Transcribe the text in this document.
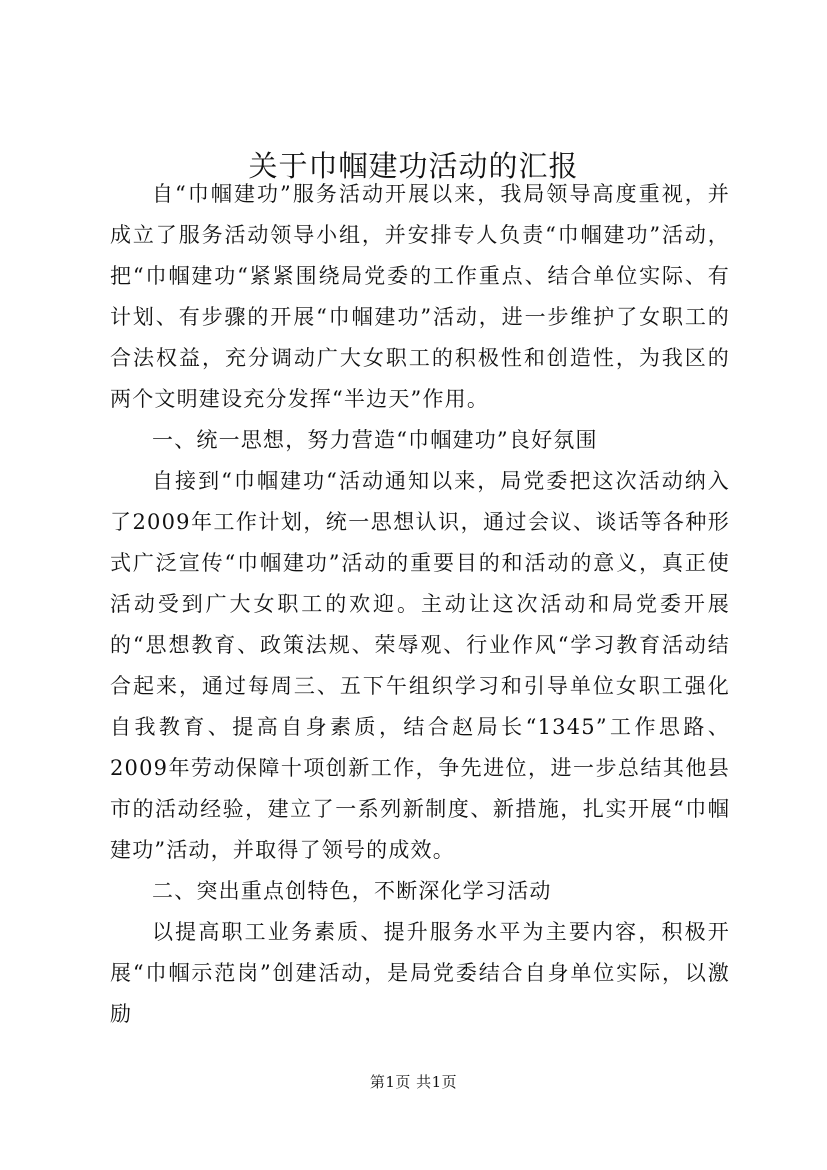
关于巾帼建功活动的汇报

自“巾帼建功”服务活动开展以来，我局领导高度重视，并成立了服务活动领导小组，并安排专人负责“巾帼建功”活动，把“巾帼建功“紧紧围绕局党委的工作重点、结合单位实际、有计划、有步骤的开展“巾帼建功”活动，进一步维护了女职工的合法权益，充分调动广大女职工的积极性和创造性，为我区的两个文明建设充分发挥“半边天”作用。

一、统一思想，努力营造“巾帼建功”良好氛围

自接到“巾帼建功“活动通知以来，局党委把这次活动纳入了2009年工作计划，统一思想认识，通过会议、谈话等各种形式广泛宣传“巾帼建功”活动的重要目的和活动的意义，真正使活动受到广大女职工的欢迎。主动让这次活动和局党委开展的“思想教育、政策法规、荣辱观、行业作风“学习教育活动结合起来，通过每周三、五下午组织学习和引导单位女职工强化自我教育、提高自身素质，结合赵局长“1345”工作思路、2009年劳动保障十项创新工作，争先进位，进一步总结其他县市的活动经验，建立了一系列新制度、新措施，扎实开展“巾帼建功”活动，并取得了领号的成效。

二、突出重点创特色，不断深化学习活动

以提高职工业务素质、提升服务水平为主要内容，积极开展“巾帼示范岗”创建活动，是局党委结合自身单位实际，以激励

第1页 共1页
